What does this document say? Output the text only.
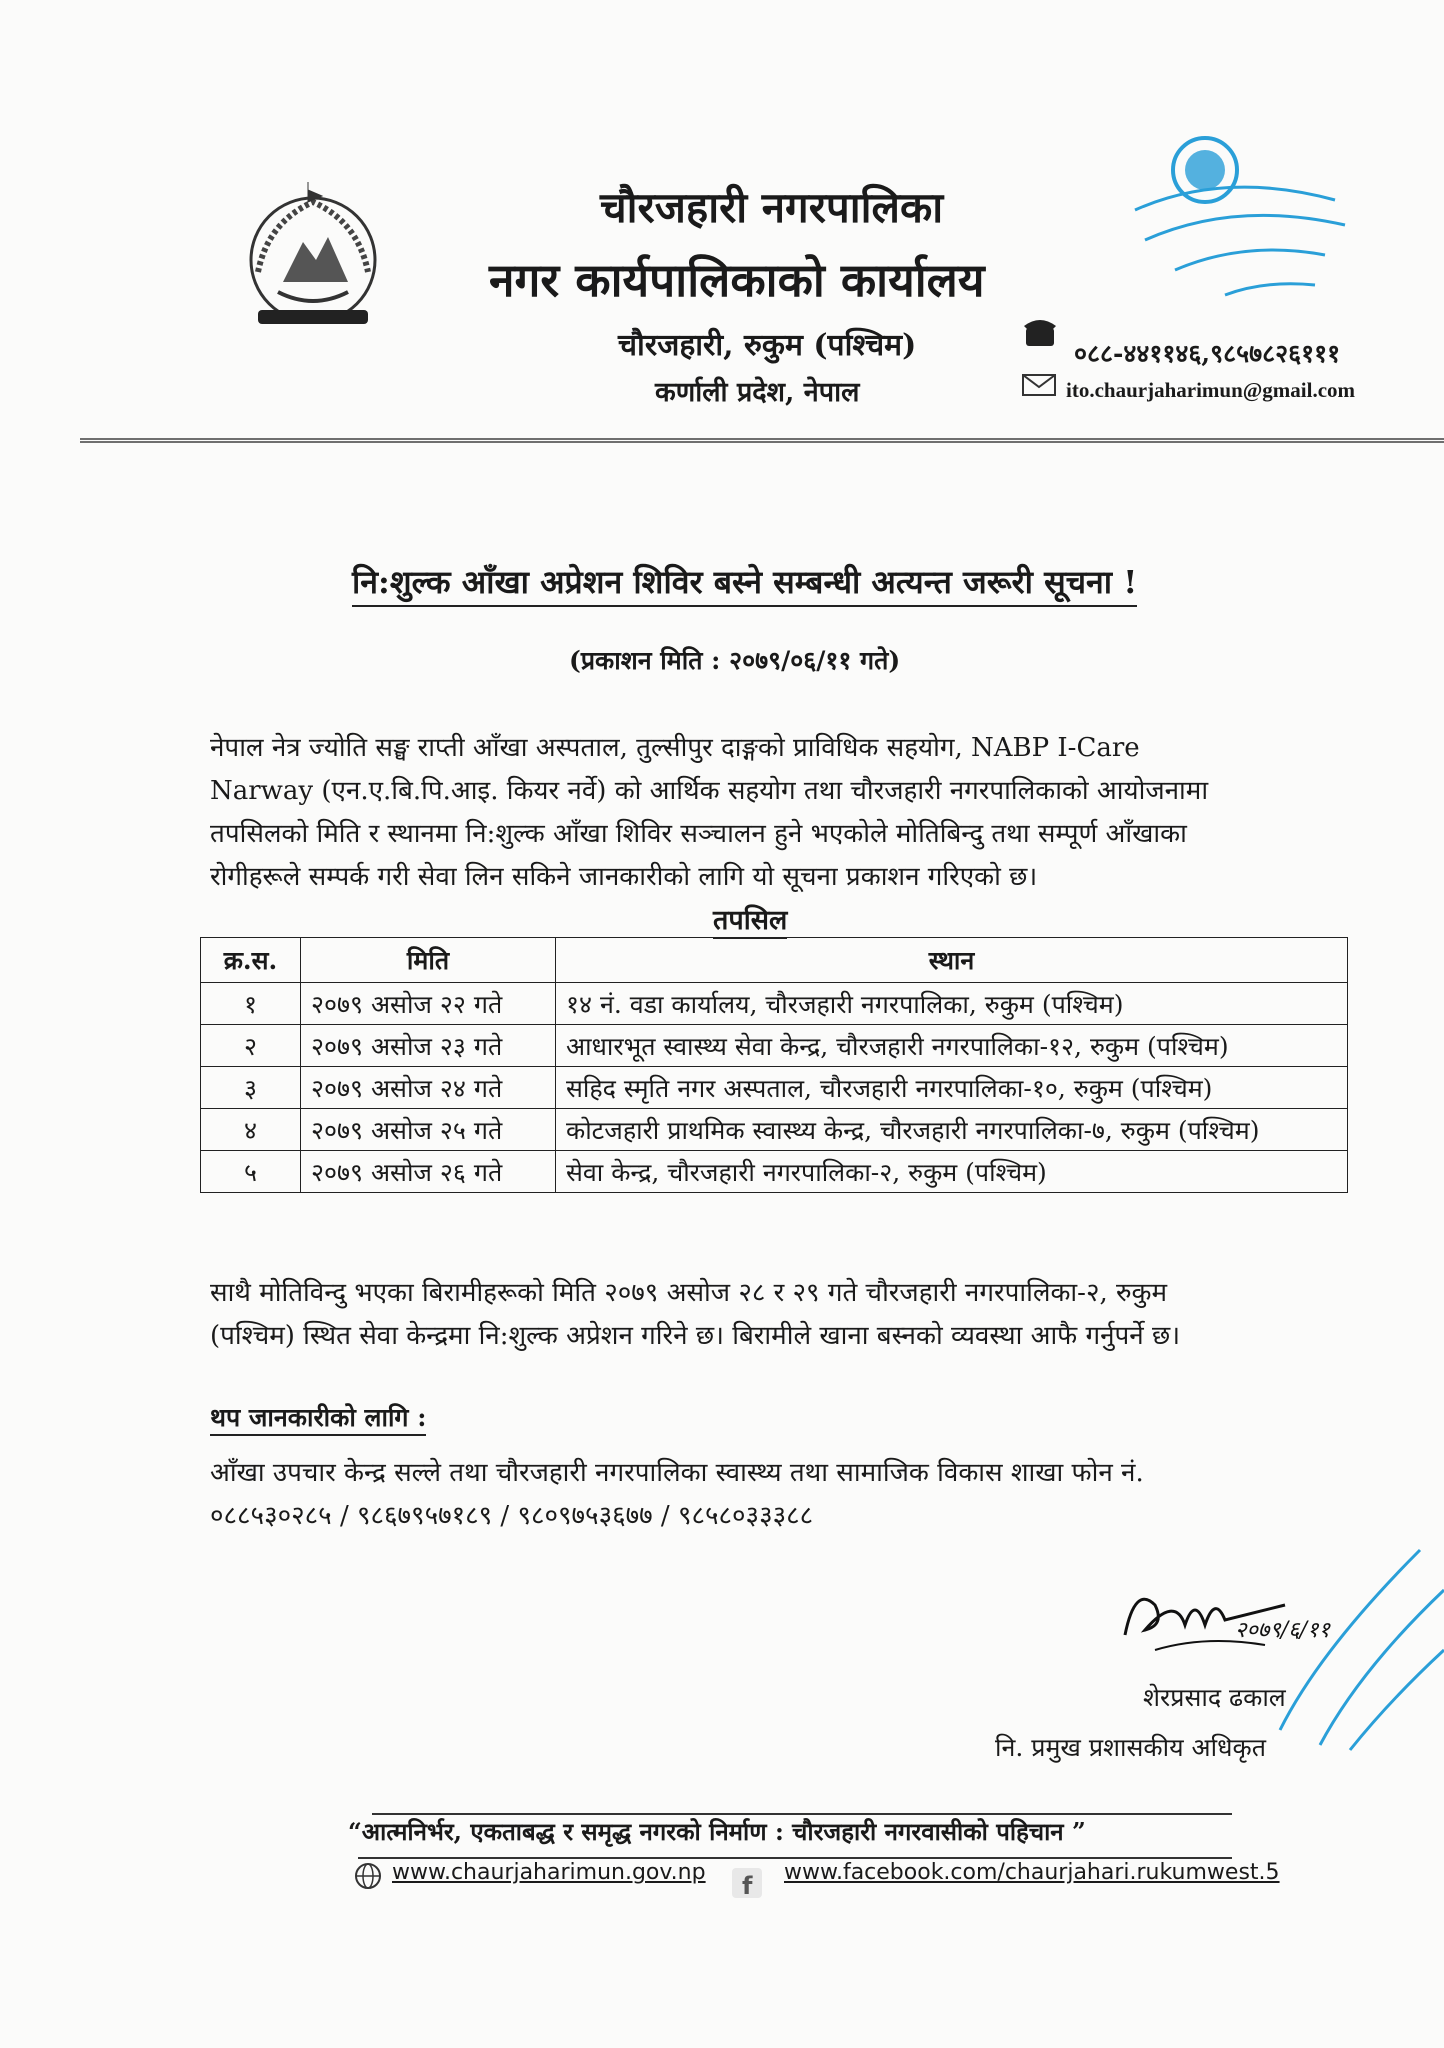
चौरजहारी नगरपालिका
नगर कार्यपालिकाको कार्यालय
चौरजहारी, रुकुम (पश्चिम)
कर्णाली प्रदेश, नेपाल
०८८-४४११४६,९८५७८२६१११
ito.chaurjaharimun@gmail.com
नि:शुल्क आँखा अप्रेशन शिविर बस्ने सम्बन्धी अत्यन्त जरूरी सूचना !
(प्रकाशन मिति : २०७९/०६/११ गते)
नेपाल नेत्र ज्योति सङ्घ राप्ती आँखा अस्पताल, तुल्सीपुर दाङ्गको प्राविधिक सहयोग, NABP I-Care
Narway (एन.ए.बि.पि.आइ. कियर नर्वे) को आर्थिक सहयोग तथा चौरजहारी नगरपालिकाको आयोजनामा
तपसिलको मिति र स्थानमा नि:शुल्क आँखा शिविर सञ्चालन हुने भएकोले मोतिबिन्दु तथा सम्पूर्ण आँखाका
रोगीहरूले सम्पर्क गरी सेवा लिन सकिने जानकारीको लागि यो सूचना प्रकाशन गरिएको छ।
तपसिल
क्र.स.	मिति	स्थान
१	२०७९ असोज २२ गते	१४ नं. वडा कार्यालय, चौरजहारी नगरपालिका, रुकुम (पश्चिम)
२	२०७९ असोज २३ गते	आधारभूत स्वास्थ्य सेवा केन्द्र, चौरजहारी नगरपालिका-१२, रुकुम (पश्चिम)
३	२०७९ असोज २४ गते	सहिद स्मृति नगर अस्पताल, चौरजहारी नगरपालिका-१०, रुकुम (पश्चिम)
४	२०७९ असोज २५ गते	कोटजहारी प्राथमिक स्वास्थ्य केन्द्र, चौरजहारी नगरपालिका-७, रुकुम (पश्चिम)
५	२०७९ असोज २६ गते	सेवा केन्द्र, चौरजहारी नगरपालिका-२, रुकुम (पश्चिम)
साथै मोतिविन्दु भएका बिरामीहरूको मिति २०७९ असोज २८ र २९ गते चौरजहारी नगरपालिका-२, रुकुम
(पश्चिम) स्थित सेवा केन्द्रमा नि:शुल्क अप्रेशन गरिने छ। बिरामीले खाना बस्नको व्यवस्था आफै गर्नुपर्ने छ।
थप जानकारीको लागि :
आँखा उपचार केन्द्र सल्ले तथा चौरजहारी नगरपालिका स्वास्थ्य तथा सामाजिक विकास शाखा फोन नं.
०८८५३०२८५ / ९८६७९५७१८९ / ९८०९७५३६७७ / ९८५८०३३३८८
२०७९/६/११
शेरप्रसाद ढकाल
नि. प्रमुख प्रशासकीय अधिकृत
“आत्मनिर्भर, एकताबद्ध र समृद्ध नगरको निर्माण : चौरजहारी नगरवासीको पहिचान ”
www.chaurjaharimun.gov.np f www.facebook.com/chaurjahari.rukumwest.5
